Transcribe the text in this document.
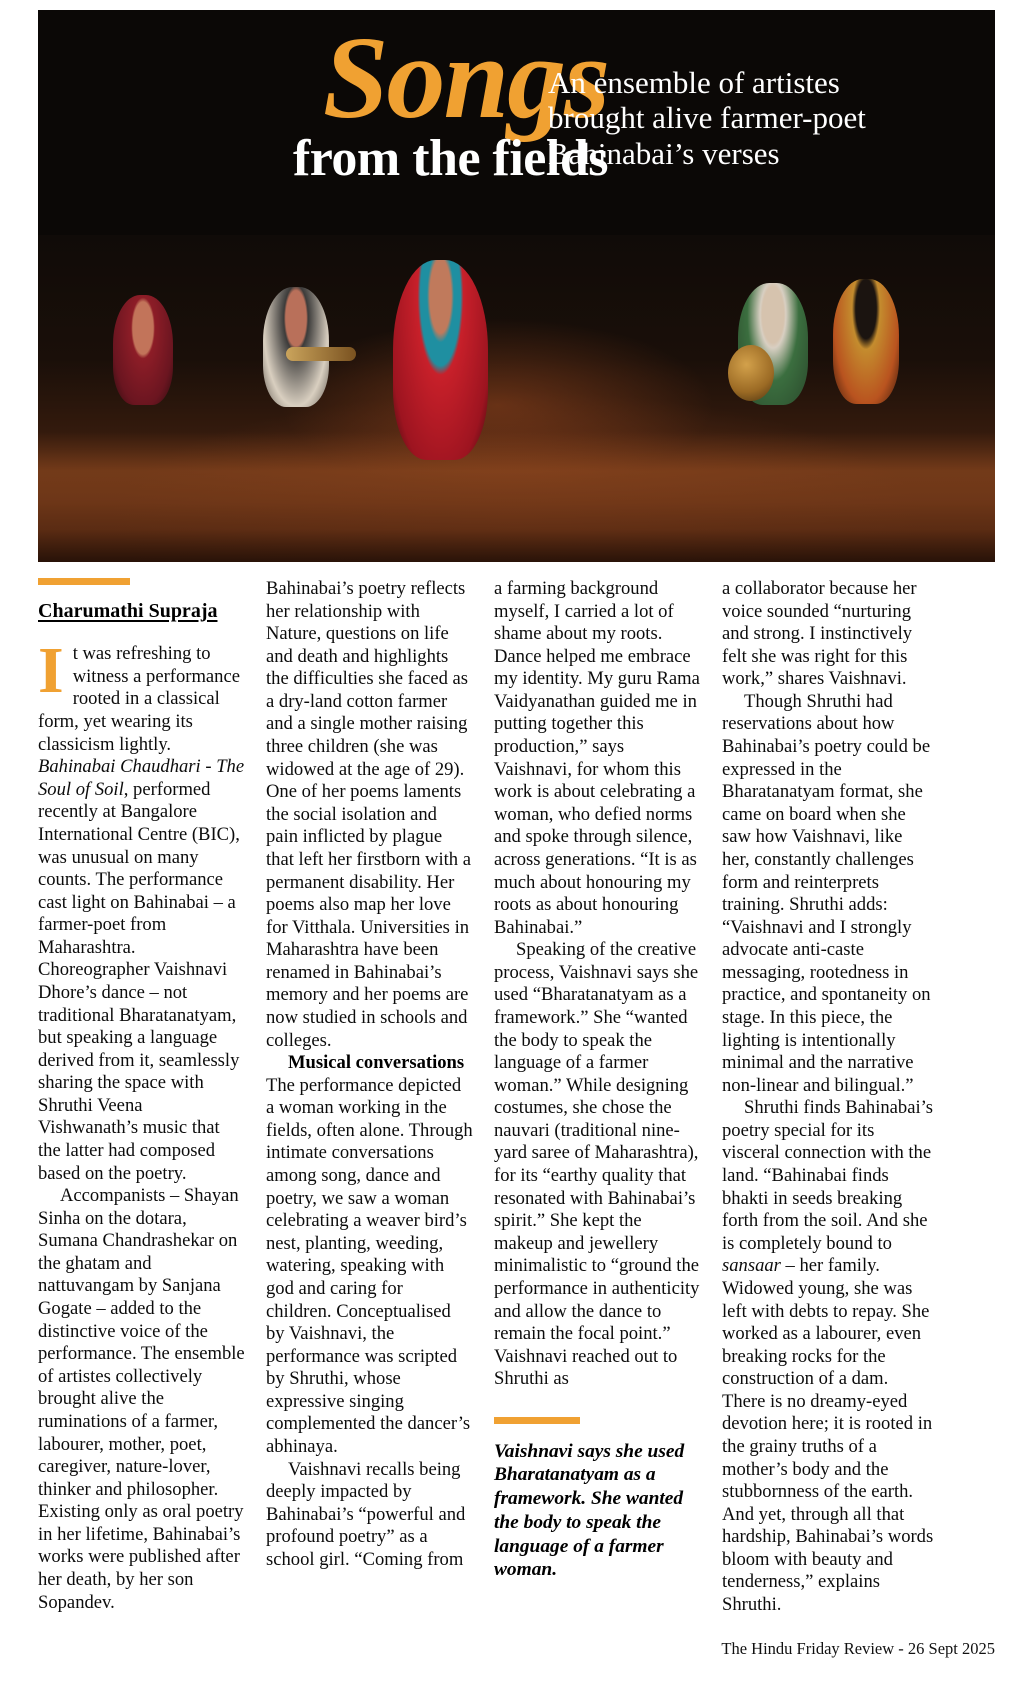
Songs
from the fields
An ensemble of artistes brought alive farmer-poet Bahinabai’s verses
Charumathi Supraja

It was refreshing to witness a performance rooted in a classical form, yet wearing its classicism lightly. Bahinabai Chaudhari - The Soul of Soil, performed recently at Bangalore International Centre (BIC), was unusual on many counts. The performance cast light on Bahinabai – a farmer-poet from Maharashtra. Choreographer Vaishnavi Dhore’s dance – not traditional Bharatanatyam, but speaking a language derived from it, seamlessly sharing the space with Shruthi Veena Vishwanath’s music that the latter had composed based on the poetry.

Accompanists – Shayan Sinha on the dotara, Sumana Chandrashekar on the ghatam and nattuvangam by Sanjana Gogate – added to the distinctive voice of the performance. The ensemble of artistes collectively brought alive the ruminations of a farmer, labourer, mother, poet, caregiver, nature-lover, thinker and philosopher. Existing only as oral poetry in her lifetime, Bahinabai’s works were published after her death, by her son Sopandev.

Bahinabai’s poetry reflects her relationship with Nature, questions on life and death and highlights the difficulties she faced as a dry-land cotton farmer and a single mother raising three children (she was widowed at the age of 29). One of her poems laments the social isolation and pain inflicted by plague that left her firstborn with a permanent disability. Her poems also map her love for Vitthala. Universities in Maharashtra have been renamed in Bahinabai’s memory and her poems are now studied in schools and colleges.

Musical conversations

The performance depicted a woman working in the fields, often alone. Through intimate conversations among song, dance and poetry, we saw a woman celebrating a weaver bird’s nest, planting, weeding, watering, speaking with god and caring for children. Conceptualised by Vaishnavi, the performance was scripted by Shruthi, whose expressive singing complemented the dancer’s abhinaya.

Vaishnavi recalls being deeply impacted by Bahinabai’s “powerful and profound poetry” as a school girl. “Coming from

a farming background myself, I carried a lot of shame about my roots. Dance helped me embrace my identity. My guru Rama Vaidyanathan guided me in putting together this production,” says Vaishnavi, for whom this work is about celebrating a woman, who defied norms and spoke through silence, across generations. “It is as much about honouring my roots as about honouring Bahinabai.”

Speaking of the creative process, Vaishnavi says she used “Bharatanatyam as a framework.” She “wanted the body to speak the language of a farmer woman.” While designing costumes, she chose the nauvari (traditional nine-yard saree of Maharashtra), for its “earthy quality that resonated with Bahinabai’s spirit.” She kept the makeup and jewellery minimalistic to “ground the performance in authenticity and allow the dance to remain the focal point.” Vaishnavi reached out to Shruthi as

Vaishnavi says she used Bharatanatyam as a framework. She wanted the body to speak the language of a farmer woman.

a collaborator because her voice sounded “nurturing and strong. I instinctively felt she was right for this work,” shares Vaishnavi.

Though Shruthi had reservations about how Bahinabai’s poetry could be expressed in the Bharatanatyam format, she came on board when she saw how Vaishnavi, like her, constantly challenges form and reinterprets training. Shruthi adds: “Vaishnavi and I strongly advocate anti-caste messaging, rootedness in practice, and spontaneity on stage. In this piece, the lighting is intentionally minimal and the narrative non-linear and bilingual.”

Shruthi finds Bahinabai’s poetry special for its visceral connection with the land. “Bahinabai finds bhakti in seeds breaking forth from the soil. And she is completely bound to sansaar – her family. Widowed young, she was left with debts to repay. She worked as a labourer, even breaking rocks for the construction of a dam. There is no dreamy-eyed devotion here; it is rooted in the grainy truths of a mother’s body and the stubbornness of the earth. And yet, through all that hardship, Bahinabai’s words bloom with beauty and tenderness,” explains Shruthi.

The Hindu Friday Review - 26 Sept 2025
